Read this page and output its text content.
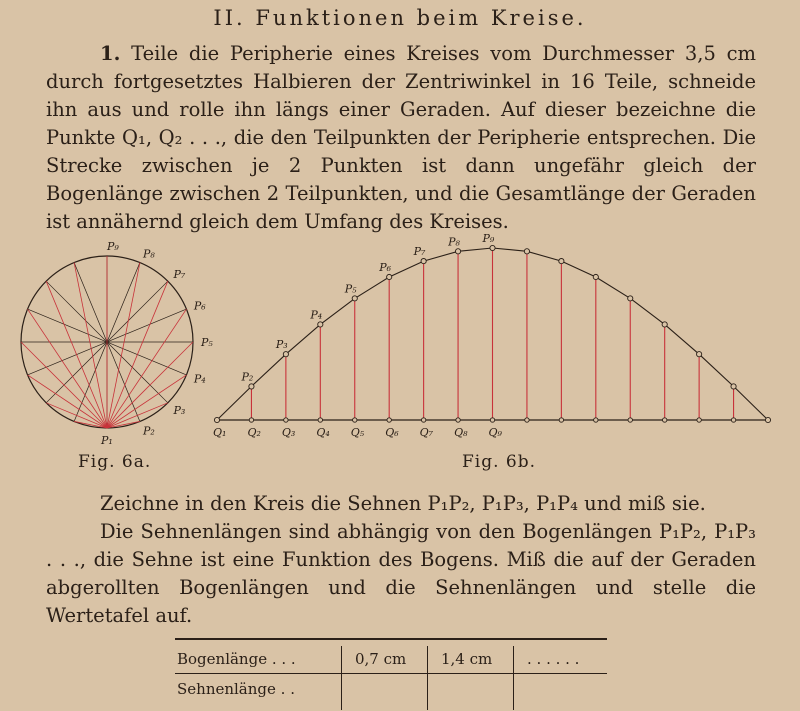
II. Funktionen beim Kreise.
1. Teile die Peripherie eines Kreises vom Durchmesser 3,5 cm durch fortgesetztes Halbieren der Zentriwinkel in 16 Teile, schneide ihn aus und rolle ihn längs einer Geraden. Auf dieser bezeichne die Punkte Q₁, Q₂ . . ., die den Teilpunkten der Peripherie entsprechen. Die Strecke zwischen je 2 Punkten ist dann ungefähr gleich der Bogenlänge zwischen 2 Teilpunkten, und die Gesamtlänge der Geraden ist annähernd gleich dem Umfang des Kreises.
P₁
P₂
P₃
P₄
P₅
P₆
P₇
P₈
P₉
P₂
P₃
P₄
P₅
P₆
P₇
P₈ P₉
Q₁ Q₂ Q₃ Q₄ Q₅ Q₆ Q₇ Q₈ Q₉
Fig. 6a.	Fig. 6b.

Zeichne in den Kreis die Sehnen P₁P₂, P₁P₃, P₁P₄ und miß sie.

Die Sehnenlängen sind abhängig von den Bogenlängen P₁P₂, P₁P₃ . . ., die Sehne ist eine Funktion des Bogens. Miß die auf der Geraden abgerollten Bogenlängen und die Sehnenlängen und stelle die Wertetafel auf.

Bogenlänge . . .	0,7 cm 1,4 cm . . . . . .
Sehnenlänge . .
